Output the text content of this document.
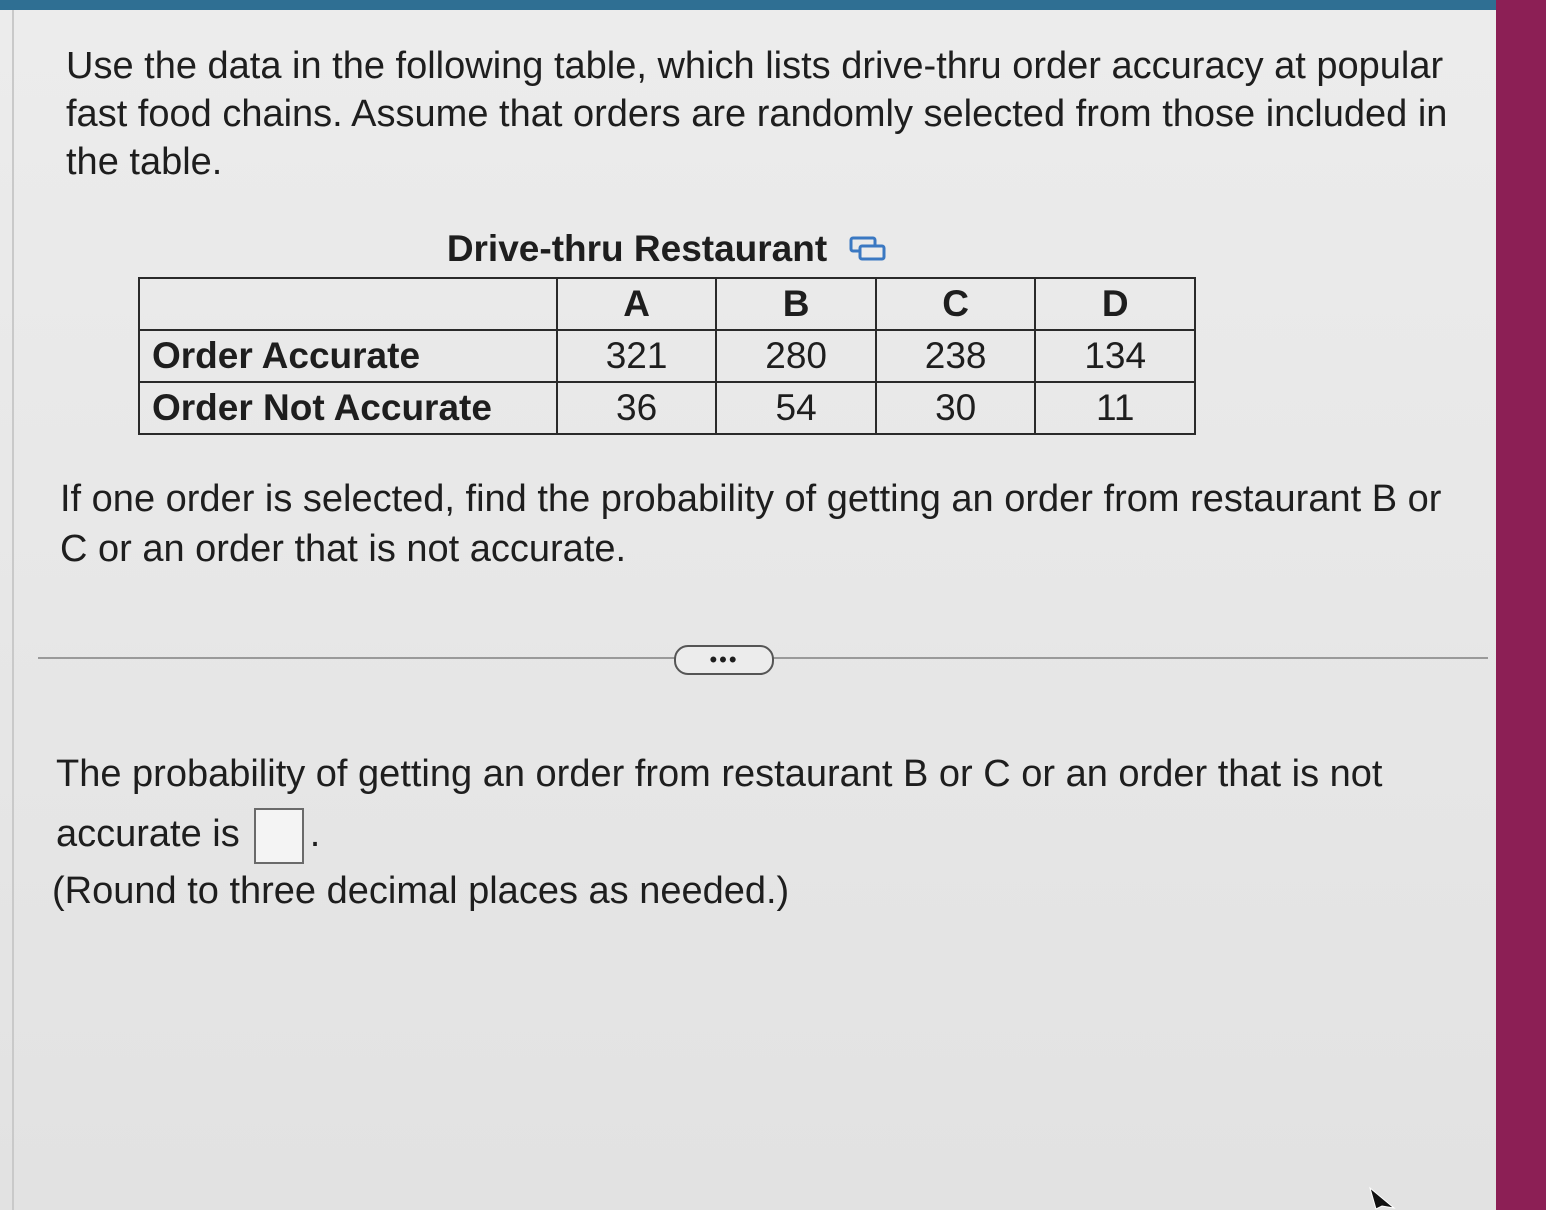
Use the data in the following table, which lists drive-thru order accuracy at popular fast food chains. Assume that orders are randomly selected from those included in the table.

Drive-thru Restaurant
	A	B	C	D
Order Accurate	321	280	238	134
Order Not Accurate	36	54	30	11

If one order is selected, find the probability of getting an order from restaurant B or C or an order that is not accurate.

•••

The probability of getting an order from restaurant B or C or an order that is not accurate is .

(Round to three decimal places as needed.)
